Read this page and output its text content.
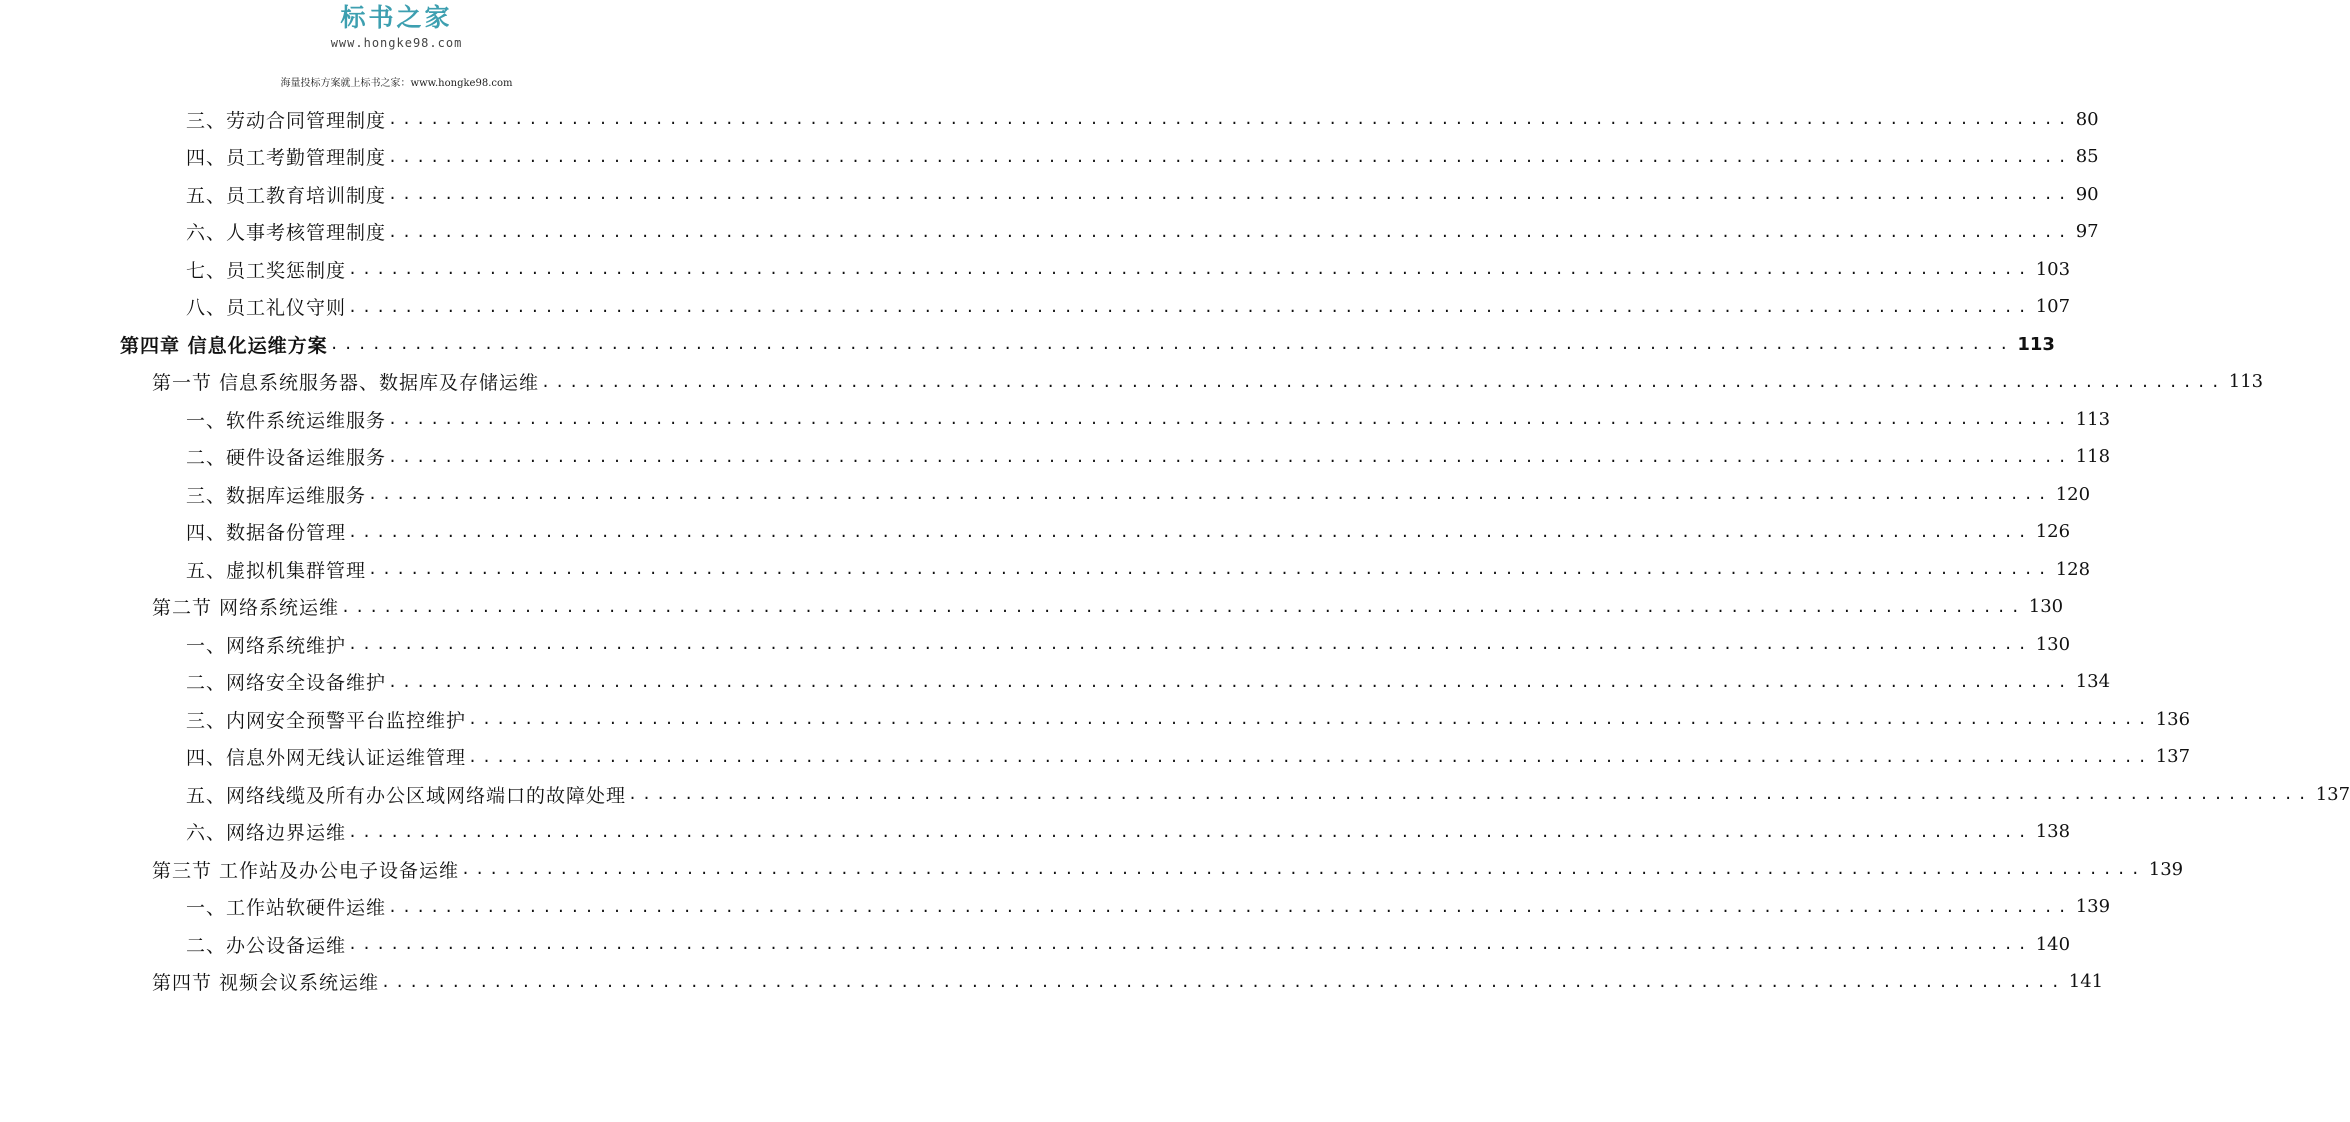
标书之家
www.hongke98.com
海量投标方案就上标书之家：www.hongke98.com
三、劳动合同管理制度 ........................................................................................................................ 80
四、员工考勤管理制度 ........................................................................................................................ 85
五、员工教育培训制度 ........................................................................................................................ 90
六、人事考核管理制度 ........................................................................................................................ 97
七、员工奖惩制度 ........................................................................................................................ 103
八、员工礼仪守则 ........................................................................................................................ 107
第四章 信息化运维方案 ........................................................................................................................ 113
第一节 信息系统服务器、数据库及存储运维 ........................................................................................................................ 113
一、软件系统运维服务 ........................................................................................................................ 113
二、硬件设备运维服务 ........................................................................................................................ 118
三、数据库运维服务 ........................................................................................................................ 120
四、数据备份管理 ........................................................................................................................ 126
五、虚拟机集群管理 ........................................................................................................................ 128
第二节 网络系统运维 ........................................................................................................................ 130
一、网络系统维护 ........................................................................................................................ 130
二、网络安全设备维护 ........................................................................................................................ 134
三、内网安全预警平台监控维护 ........................................................................................................................ 136
四、信息外网无线认证运维管理 ........................................................................................................................ 137
五、网络线缆及所有办公区域网络端口的故障处理 ........................................................................................................................ 137
六、网络边界运维 ........................................................................................................................ 138
第三节 工作站及办公电子设备运维 ........................................................................................................................ 139
一、工作站软硬件运维 ........................................................................................................................ 139
二、办公设备运维 ........................................................................................................................ 140
第四节 视频会议系统运维 ........................................................................................................................ 141
